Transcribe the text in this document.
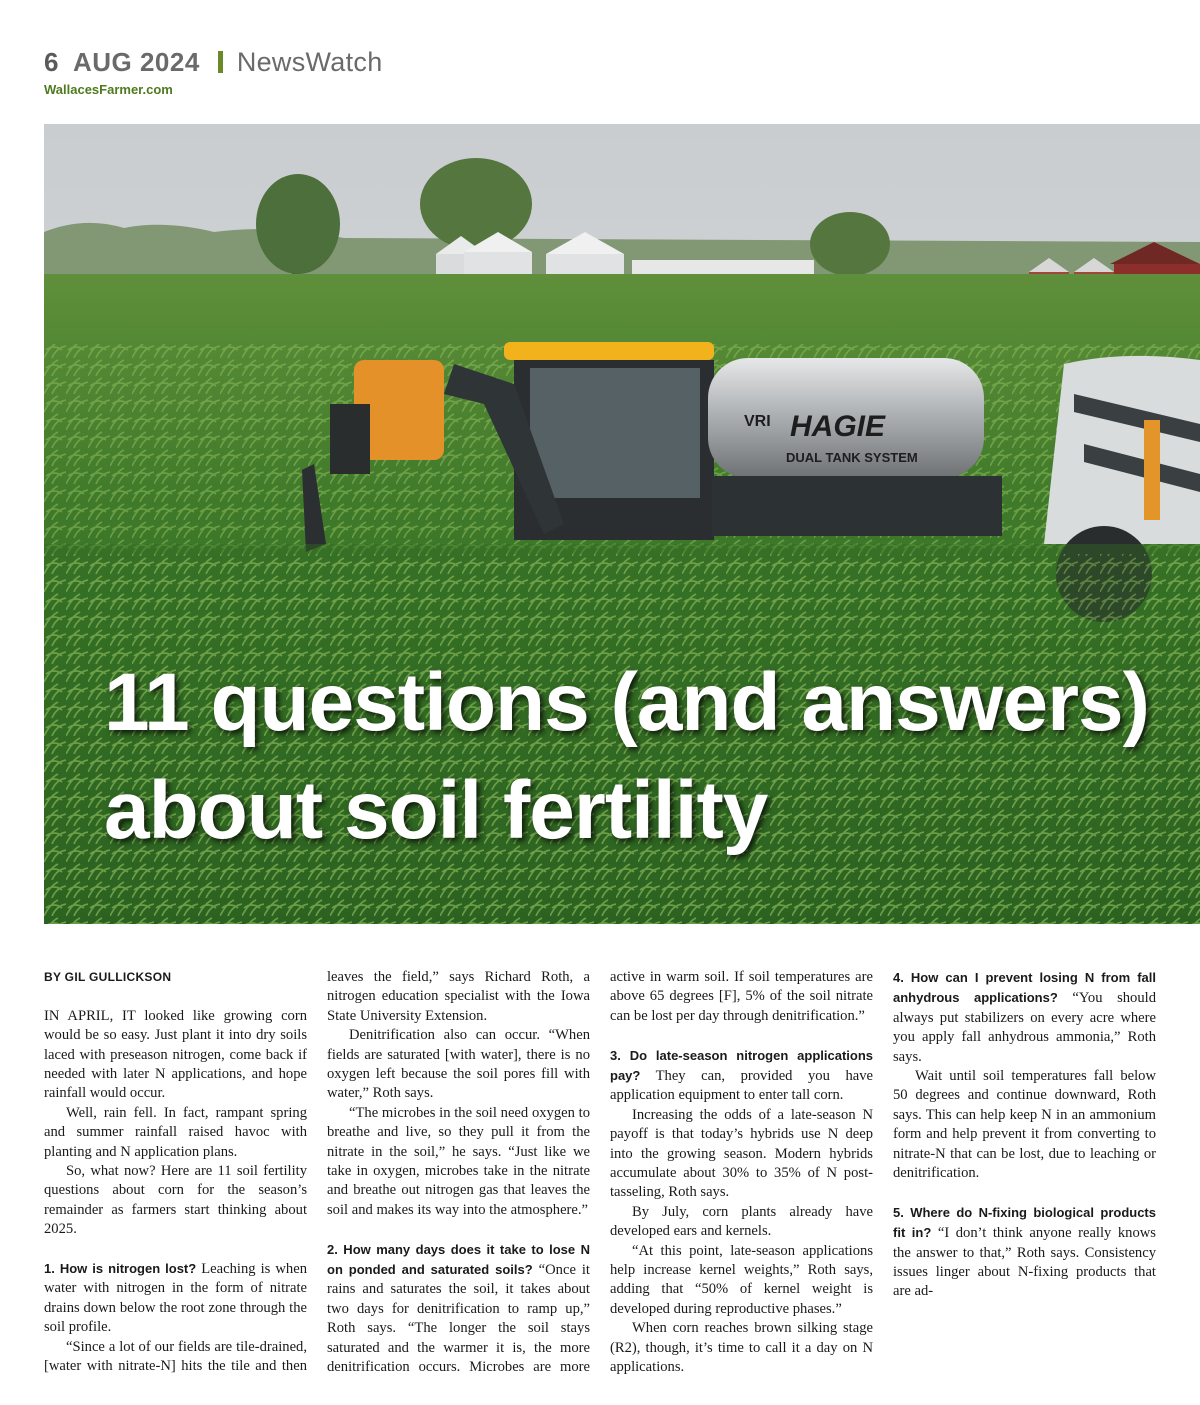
6 AUG 2024 NewsWatch
WallacesFarmer.com
HAGIE
VRI
DUAL TANK SYSTEM
11 questions (and answers)
about soil fertility

BY GIL GULLICKSON

IN APRIL, IT looked like growing corn would be so easy. Just plant it into dry soils laced with preseason nitrogen, come back if needed with later N applications, and hope rainfall would occur.

Well, rain fell. In fact, rampant spring and summer rainfall raised havoc with planting and N application plans.

So, what now? Here are 11 soil fertility questions about corn for the season’s remainder as farmers start thinking about 2025.

1. How is nitrogen lost? Leaching is when water with nitrogen in the form of nitrate drains down below the root zone through the soil profile.

“Since a lot of our fields are tile-drained, [water with nitrate-N] hits the tile and then leaves the field,” says Richard Roth, a nitrogen education specialist with the Iowa State University Extension.

Denitrification also can occur. “When fields are saturated [with water], there is no oxygen left because the soil pores fill with water,” Roth says.

“The microbes in the soil need oxygen to breathe and live, so they pull it from the nitrate in the soil,” he says. “Just like we take in oxygen, microbes take in the nitrate and breathe out nitrogen gas that leaves the soil and makes its way into the atmosphere.”

2. How many days does it take to lose N on ponded and saturated soils? “Once it rains and saturates the soil, it takes about two days for denitrification to ramp up,” Roth says. “The longer the soil stays saturated and the warmer it is, the more denitrification occurs. Microbes are more active in warm soil. If soil temperatures are above 65 degrees [F], 5% of the soil nitrate can be lost per day through denitrification.”

3. Do late-season nitrogen applications pay? They can, provided you have application equipment to enter tall corn.

Increasing the odds of a late-season N payoff is that today’s hybrids use N deep into the growing season. Modern hybrids accumulate about 30% to 35% of N post-tasseling, Roth says.

By July, corn plants already have developed ears and kernels.

“At this point, late-season applications help increase kernel weights,” Roth says, adding that “50% of kernel weight is developed during reproductive phases.”

When corn reaches brown silking stage (R2), though, it’s time to call it a day on N applications.

4. How can I prevent losing N from fall anhydrous applications? “You should always put stabilizers on every acre where you apply fall anhydrous ammonia,” Roth says.

Wait until soil temperatures fall below 50 degrees and continue downward, Roth says. This can help keep N in an ammonium form and help prevent it from converting to nitrate-N that can be lost, due to leaching or denitrification.

5. Where do N-fixing biological products fit in? “I don’t think anyone really knows the answer to that,” Roth says. Consistency issues linger about N-fixing products that are ad-
